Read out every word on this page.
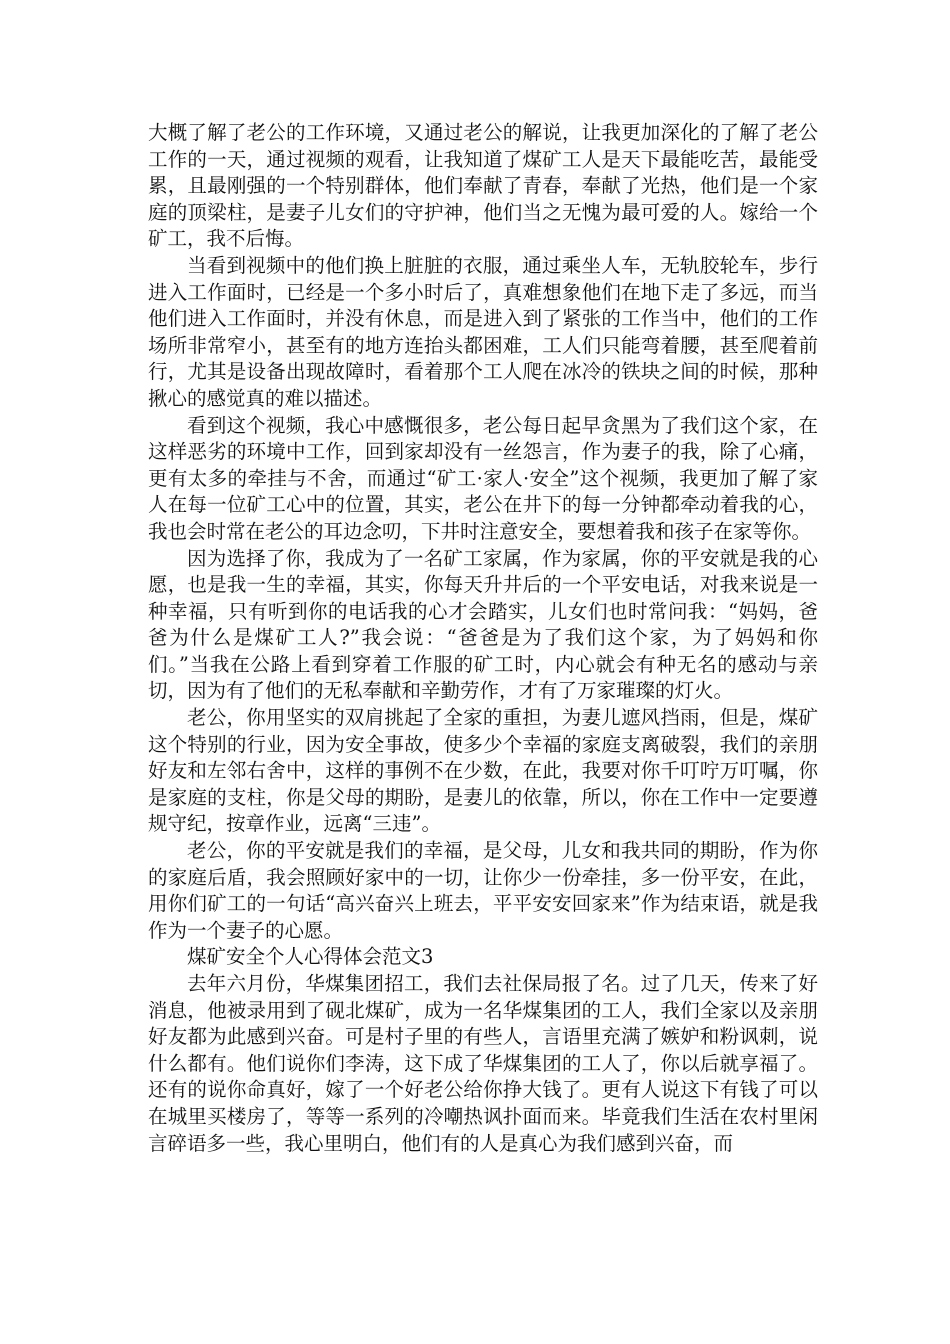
大概了解了老公的工作环境，又通过老公的解说，让我更加深化的了解了老公工作的一天，通过视频的观看，让我知道了煤矿工人是天下最能吃苦，最能受累，且最刚强的一个特别群体，他们奉献了青春，奉献了光热，他们是一个家庭的顶梁柱，是妻子儿女们的守护神，他们当之无愧为最可爱的人。嫁给一个矿工，我不后悔。

当看到视频中的他们换上脏脏的衣服，通过乘坐人车，无轨胶轮车，步行进入工作面时，已经是一个多小时后了，真难想象他们在地下走了多远，而当他们进入工作面时，并没有休息，而是进入到了紧张的工作当中，他们的工作场所非常窄小，甚至有的地方连抬头都困难，工人们只能弯着腰，甚至爬着前行，尤其是设备出现故障时，看着那个工人爬在冰冷的铁块之间的时候，那种揪心的感觉真的难以描述。

看到这个视频，我心中感慨很多，老公每日起早贪黑为了我们这个家，在这样恶劣的环境中工作，回到家却没有一丝怨言，作为妻子的我，除了心痛，更有太多的牵挂与不舍，而通过“矿工·家人·安全”这个视频，我更加了解了家人在每一位矿工心中的位置，其实，老公在井下的每一分钟都牵动着我的心，我也会时常在老公的耳边念叨，下井时注意安全，要想着我和孩子在家等你。

因为选择了你，我成为了一名矿工家属，作为家属，你的平安就是我的心愿，也是我一生的幸福，其实，你每天升井后的一个平安电话，对我来说是一种幸福，只有听到你的电话我的心才会踏实，儿女们也时常问我：“妈妈，爸爸为什么是煤矿工人?”我会说：“爸爸是为了我们这个家，为了妈妈和你们。”当我在公路上看到穿着工作服的矿工时，内心就会有种无名的感动与亲切，因为有了他们的无私奉献和辛勤劳作，才有了万家璀璨的灯火。

老公，你用坚实的双肩挑起了全家的重担，为妻儿遮风挡雨，但是，煤矿这个特别的行业，因为安全事故，使多少个幸福的家庭支离破裂，我们的亲朋好友和左邻右舍中，这样的事例不在少数，在此，我要对你千叮咛万叮嘱，你是家庭的支柱，你是父母的期盼，是妻儿的依靠，所以，你在工作中一定要遵规守纪，按章作业，远离“三违”。

老公，你的平安就是我们的幸福，是父母，儿女和我共同的期盼，作为你的家庭后盾，我会照顾好家中的一切，让你少一份牵挂，多一份平安，在此，用你们矿工的一句话“高兴奋兴上班去，平平安安回家来”作为结束语，就是我作为一个妻子的心愿。

煤矿安全个人心得体会范文3

去年六月份，华煤集团招工，我们去社保局报了名。过了几天，传来了好消息，他被录用到了砚北煤矿，成为一名华煤集团的工人，我们全家以及亲朋好友都为此感到兴奋。可是村子里的有些人，言语里充满了嫉妒和粉讽刺，说什么都有。他们说你们李涛，这下成了华煤集团的工人了，你以后就享福了。还有的说你命真好，嫁了一个好老公给你挣大钱了。更有人说这下有钱了可以在城里买楼房了，等等一系列的冷嘲热讽扑面而来。毕竟我们生活在农村里闲言碎语多一些，我心里明白，他们有的人是真心为我们感到兴奋，而
